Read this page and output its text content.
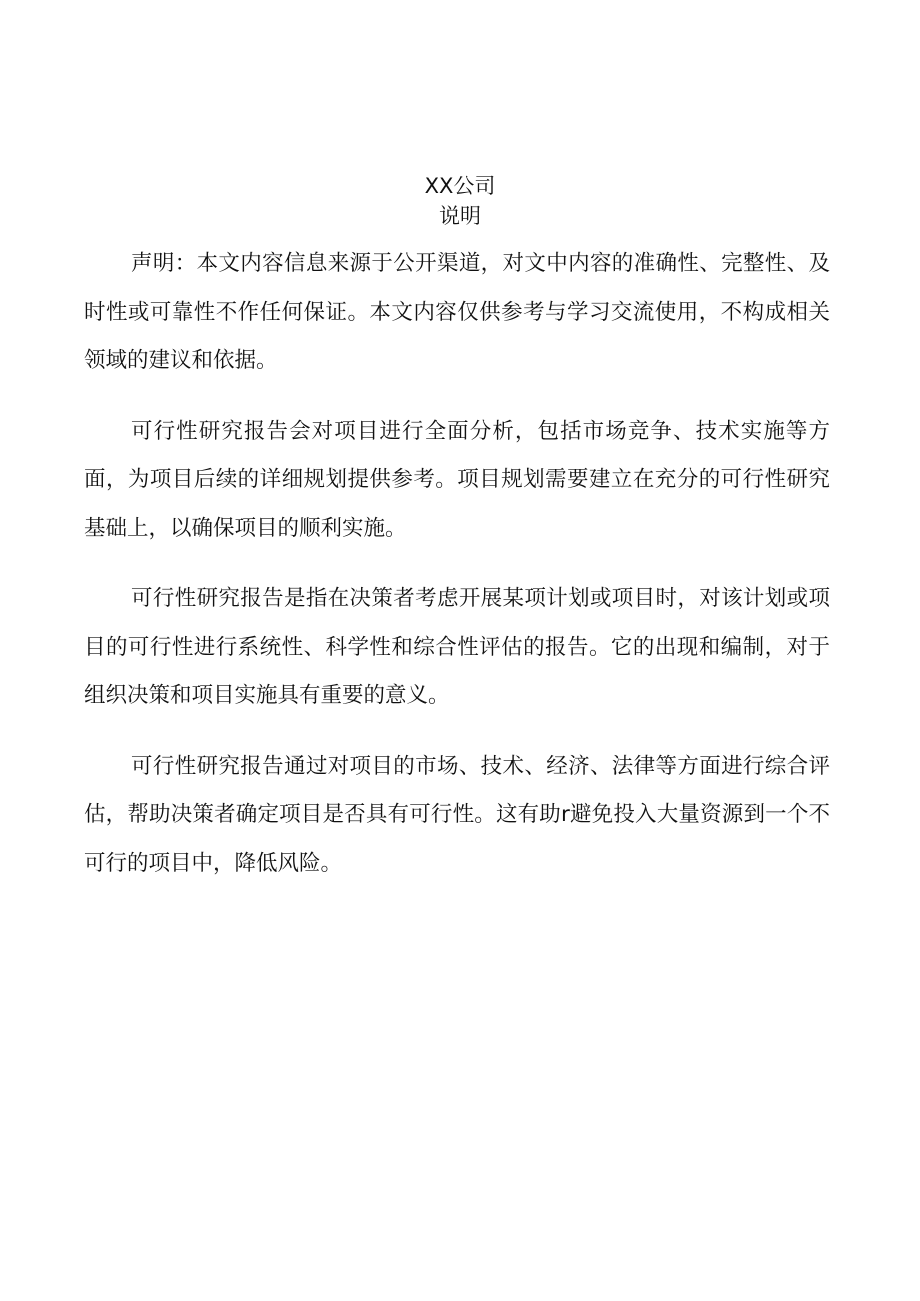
XX公司
说明

声明：本文内容信息来源于公开渠道，对文中内容的准确性、完整性、及时性或可靠性不作任何保证。本文内容仅供参考与学习交流使用，不构成相关领域的建议和依据。

可行性研究报告会对项目进行全面分析，包括市场竞争、技术实施等方面，为项目后续的详细规划提供参考。项目规划需要建立在充分的可行性研究基础上，以确保项目的顺利实施。

可行性研究报告是指在决策者考虑开展某项计划或项目时，对该计划或项目的可行性进行系统性、科学性和综合性评估的报告。它的出现和编制，对于组织决策和项目实施具有重要的意义。

可行性研究报告通过对项目的市场、技术、经济、法律等方面进行综合评估，帮助决策者确定项目是否具有可行性。这有助r避免投入大量资源到一个不可行的项目中，降低风险。
